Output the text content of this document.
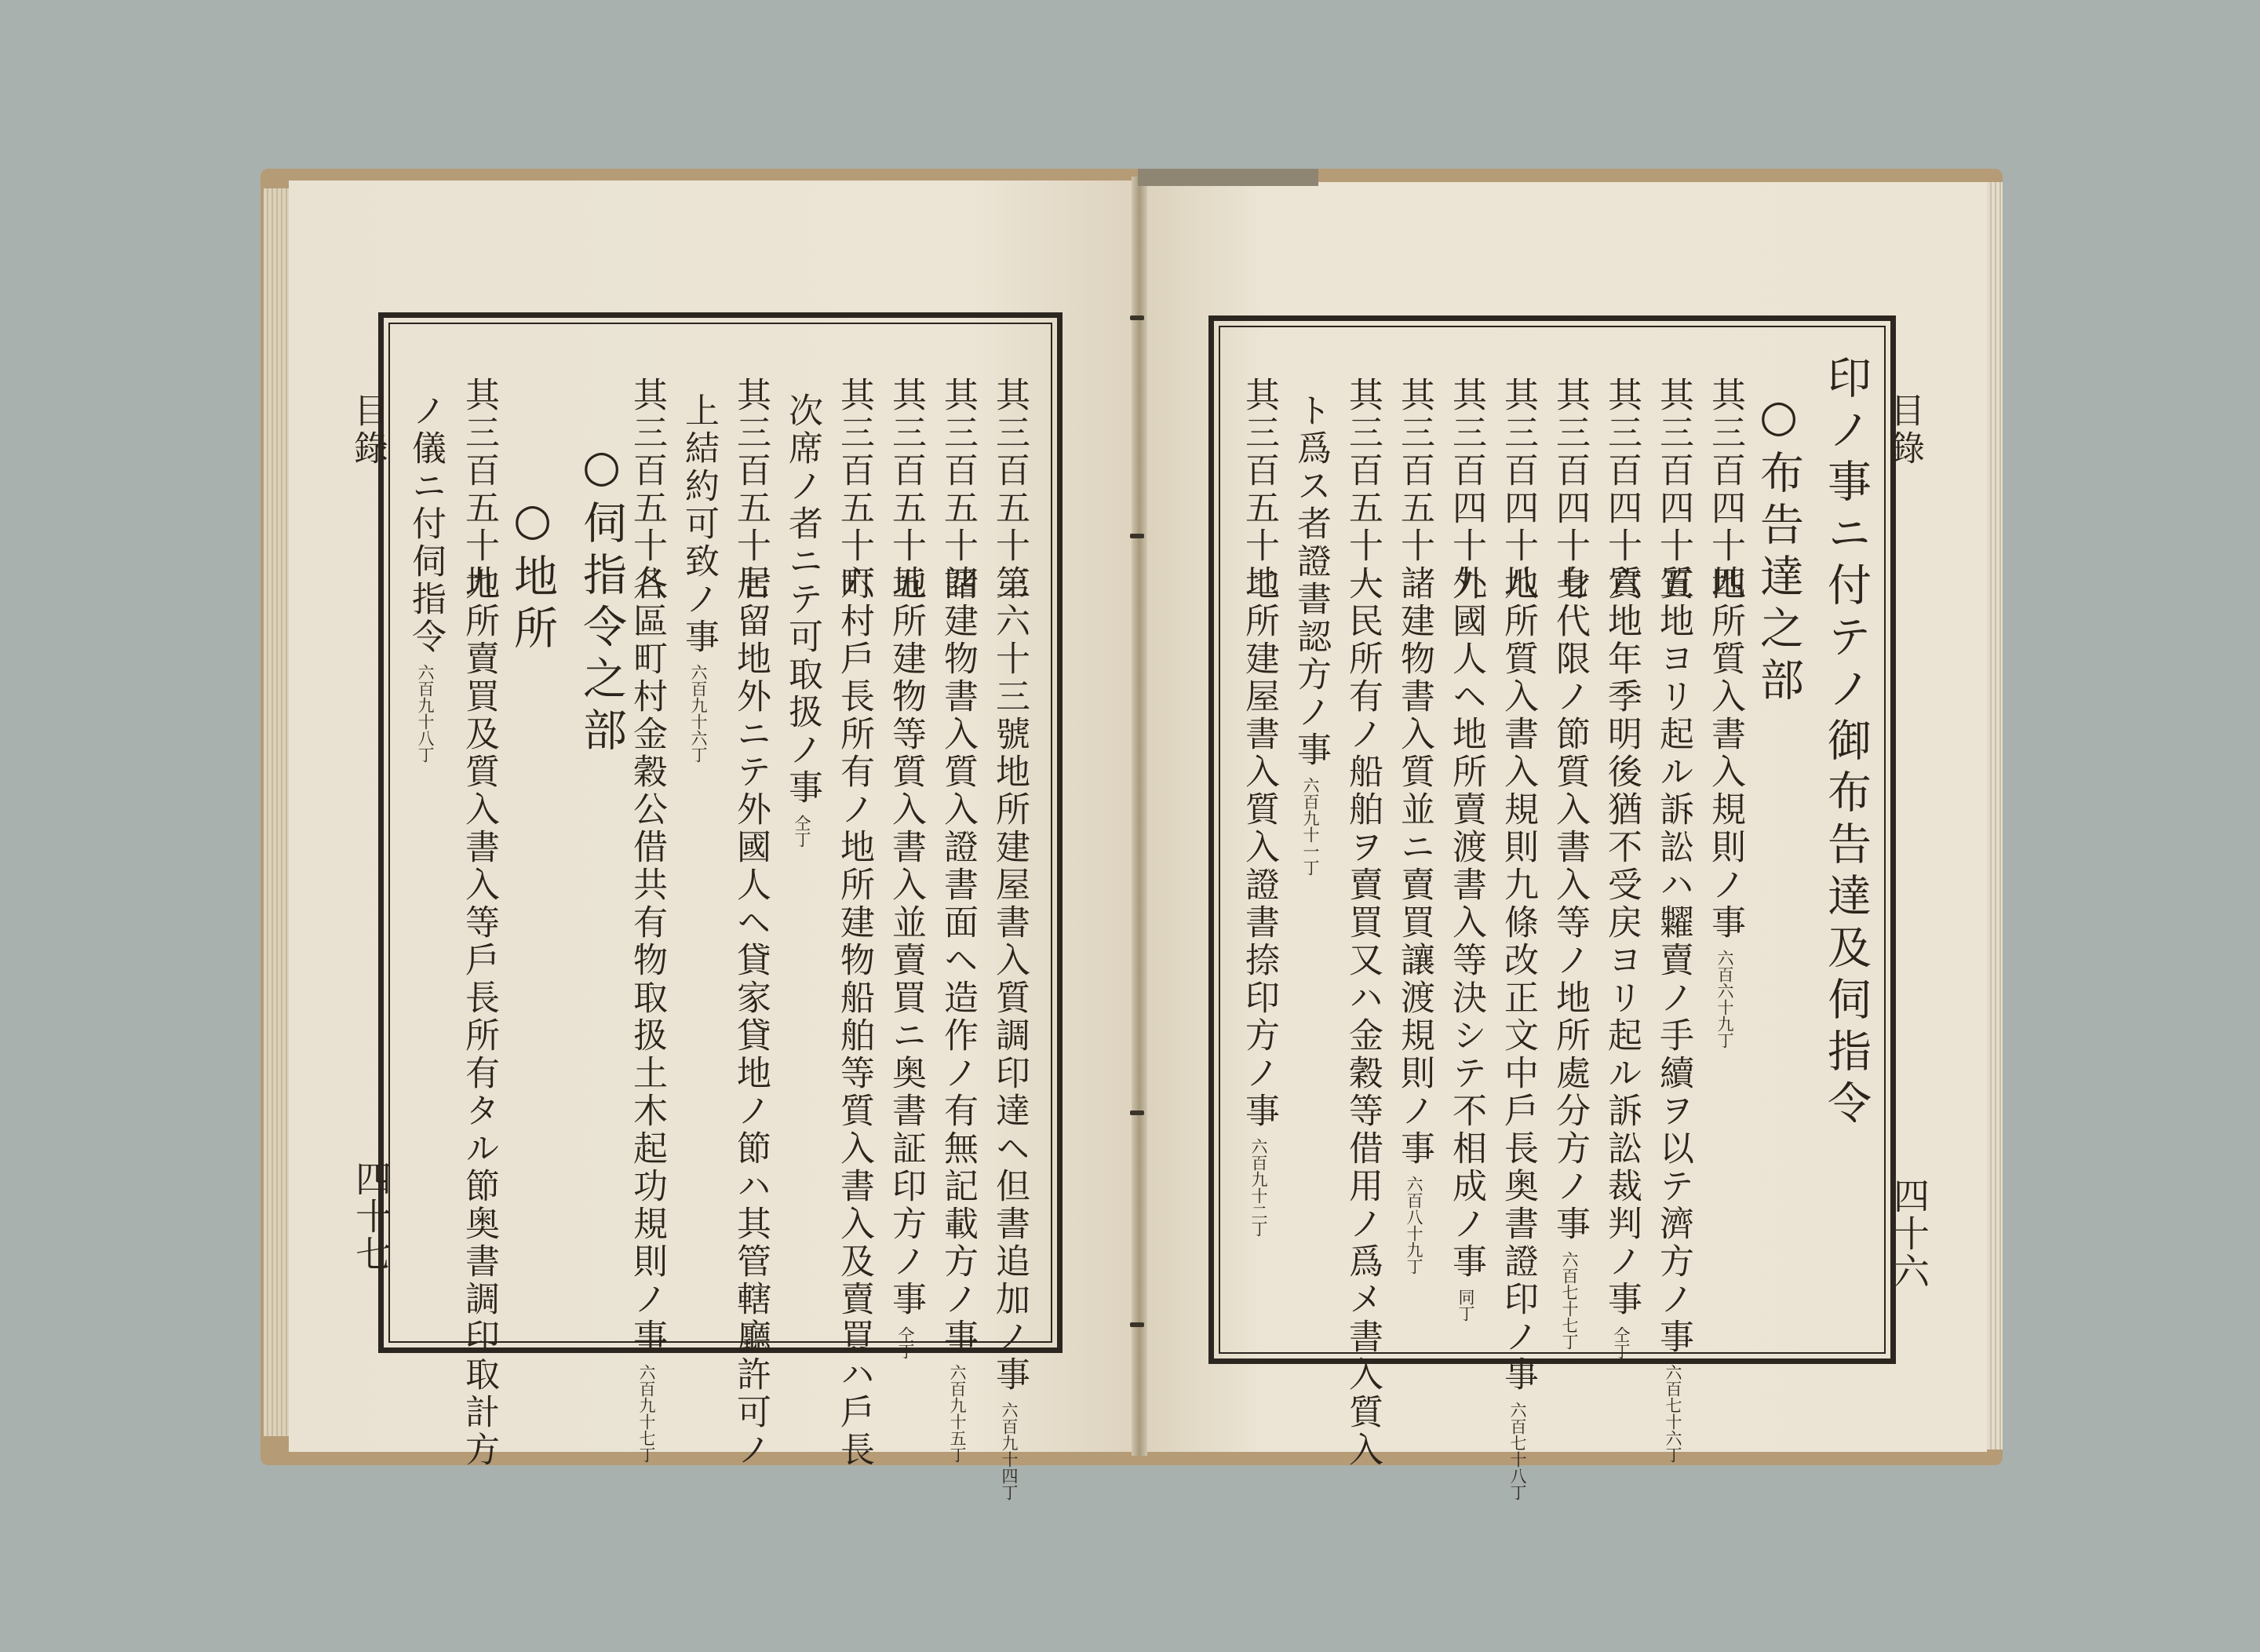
目錄
四十六
印ノ事ニ付テノ御布告達及伺指令
○布告達之部
其三百四十四
地所質入書入規則ノ事六百六十九丁
其三百四十五
質地ヨリ起ル訴訟ハ糶賣ノ手續ヲ以テ濟方ノ事六百七十六丁
其三百四十六
質地年季明後猶不受戻ヨリ起ル訴訟裁判ノ事仝丁
其三百四十七
身代限ノ節質入書入等ノ地所處分方ノ事六百七十七丁
其三百四十八
地所質入書入規則九條改正文中戶長奥書證印ノ事六百七十八丁
其三百四十九
外國人ヘ地所賣渡書入等決シテ不相成ノ事同丁
其三百五十
諸建物書入質並ニ賣買讓渡規則ノ事六百八十九丁
其三百五十一
人民所有ノ船舶ヲ賣買又ハ金穀等借用ノ爲メ書入質入
ト爲ス者證書認方ノ事六百九十一丁
其三百五十二
地所建屋書入質入證書捺印方ノ事六百九十二丁
目錄
四十七
○伺指令之部
○地所	其三百五十三
第六十三號地所建屋書入質調印達ヘ但書追加ノ事六百九十四丁
其三百五十四
諸建物書入質入證書面ヘ造作ノ有無記載方ノ事六百九十五丁
其三百五十五
地所建物等質入書入並賣買ニ奥書証印方ノ事仝丁
其三百五十六
町村戶長所有ノ地所建物船舶等質入書入及賣買ハ戶長
次席ノ者ニテ可取扱ノ事仝丁
其三百五十七
居留地外ニテ外國人ヘ貸家貸地ノ節ハ其管轄廳許可ノ
上結約可致ノ事六百九十六丁
其三百五十八
各區町村金穀公借共有物取扱土木起功規則ノ事六百九十七丁
其三百五十九
地所賣買及質入書入等戶長所有タル節奥書調印取計方
ノ儀ニ付伺指令六百九十八丁
